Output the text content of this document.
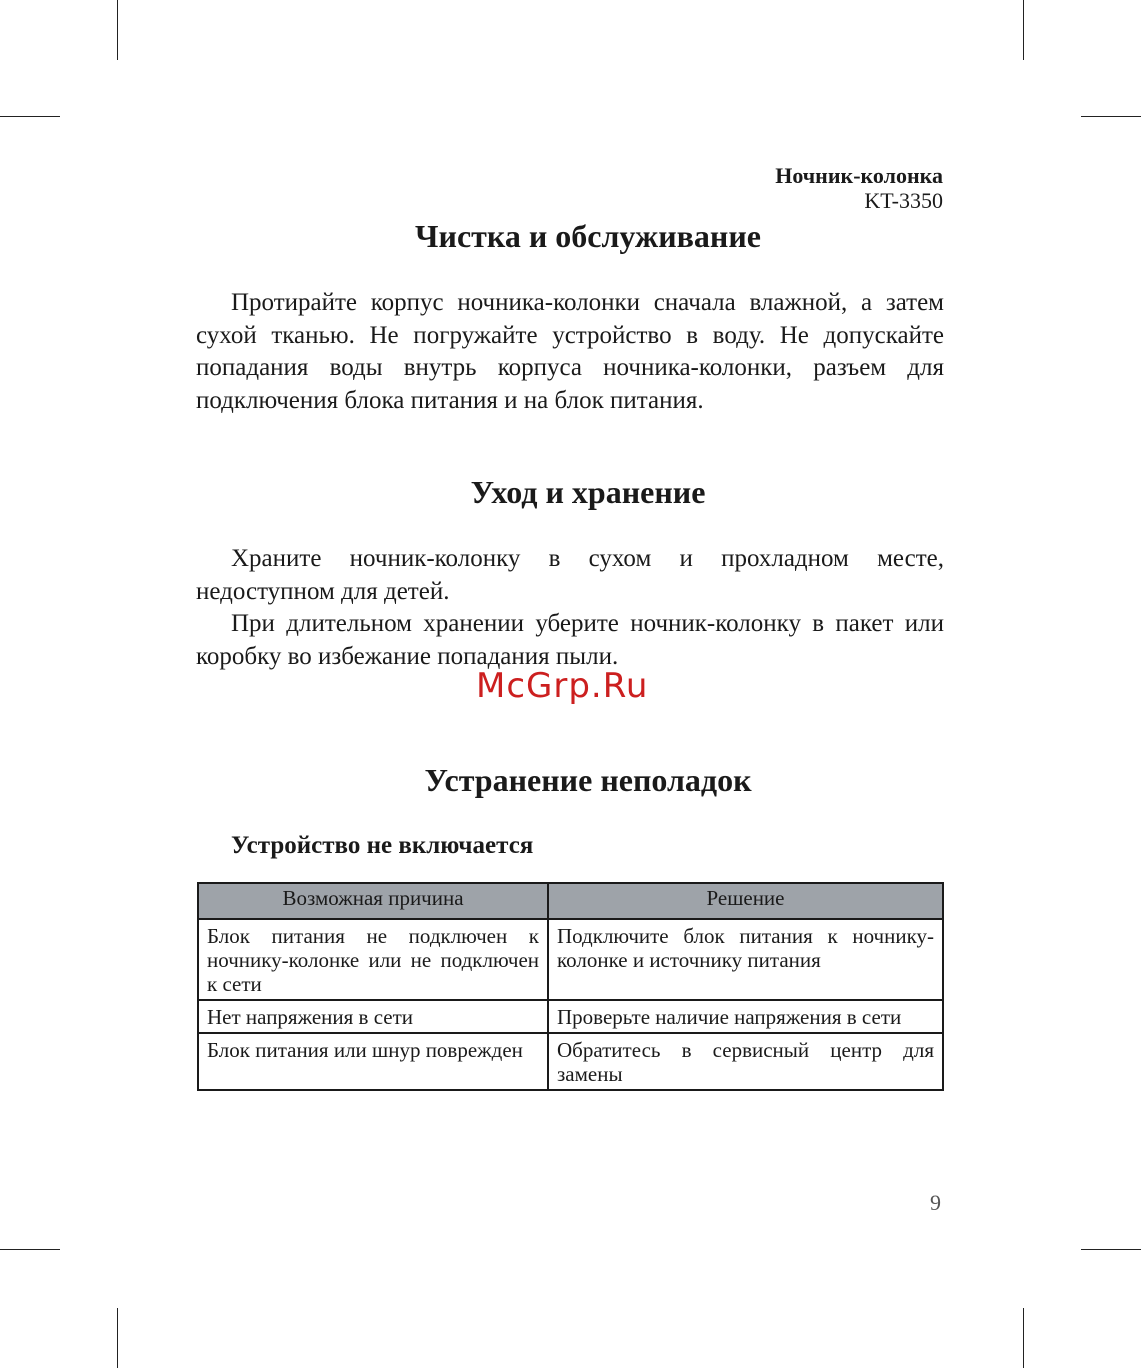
Ночник-колонка
KT-3350
Чистка и обслуживание

Протирайте корпус ночника-колонки сначала влажной, а затем сухой тканью. Не погружайте устройство в воду. Не допускайте попадания воды внутрь корпуса ночника-колонки, разъем для подключения блока питания и на блок питания.

Уход и хранение

Храните ночник-колонку в сухом и прохладном месте, недоступном для детей.

При длительном хранении уберите ночник-колонку в пакет или коробку во избежание попадания пыли.

McGrp.Ru
Устранение неполадок
Устройство не включается
Возможная причина	Решение
Блок питания не подключен к ночнику-колонке или не подключен к сети	Подключите блок питания к ночнику-колонке и источнику питания
Нет напряжения в сети	Проверьте наличие напряжения в сети
Блок питания или шнур поврежден	Обратитесь в сервисный центр для замены
9
